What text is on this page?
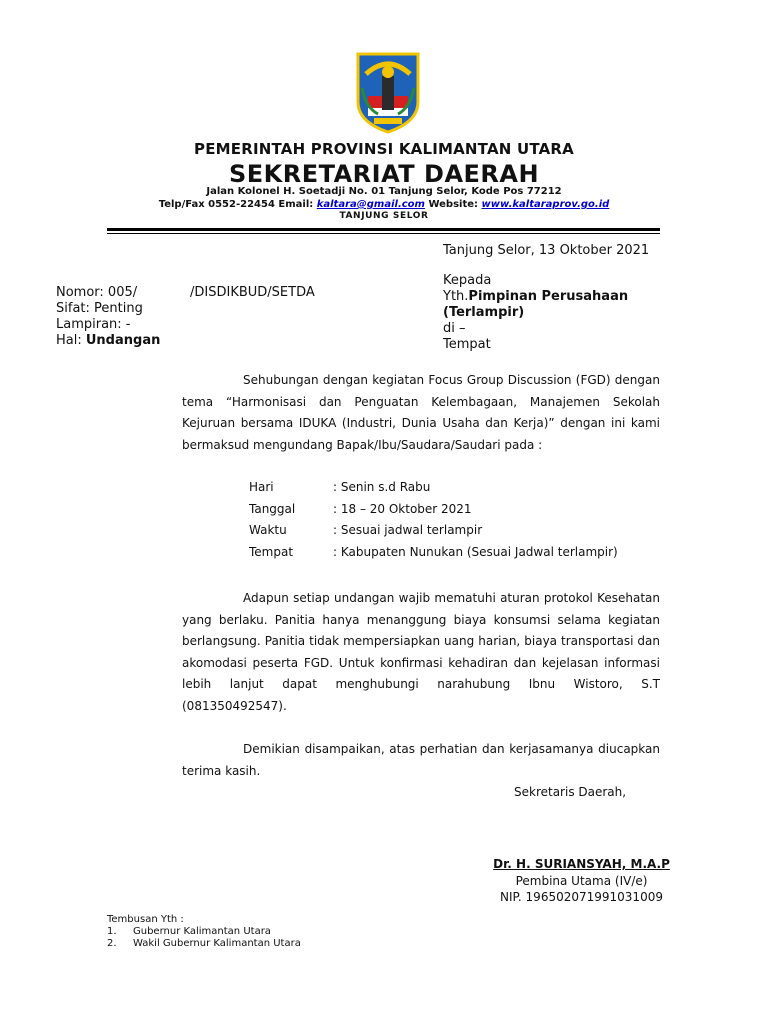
PEMERINTAH PROVINSI KALIMANTAN UTARA
SEKRETARIAT DAERAH
Jalan Kolonel H. Soetadji No. 01 Tanjung Selor, Kode Pos 77212
Telp/Fax 0552-22454 Email: kaltara@gmail.com Website: www.kaltaraprov.go.id
TANJUNG SELOR
Tanjung Selor, 13 Oktober 2021
Nomor: 005/	/DISDIKBUD/SETDA
Sifat: Penting
Lampiran: -
Hal: Undangan
Kepada
Yth.Pimpinan Perusahaan
(Terlampir)
di –
Tempat

Sehubungan dengan kegiatan Focus Group Discussion (FGD) dengan tema “Harmonisasi dan Penguatan Kelembagaan, Manajemen Sekolah Kejuruan bersama IDUKA (Industri, Dunia Usaha dan Kerja)” dengan ini kami bermaksud mengundang Bapak/Ibu/Saudara/Saudari pada :

Hari	: Senin s.d Rabu
Tanggal	: 18 – 20 Oktober 2021
Waktu	: Sesuai jadwal terlampir
Tempat	: Kabupaten Nunukan (Sesuai Jadwal terlampir)

Adapun setiap undangan wajib mematuhi aturan protokol Kesehatan yang berlaku. Panitia hanya menanggung biaya konsumsi selama kegiatan berlangsung. Panitia tidak mempersiapkan uang harian, biaya transportasi dan akomodasi peserta FGD. Untuk konfirmasi kehadiran dan kejelasan informasi lebih lanjut dapat menghubungi narahubung Ibnu Wistoro, S.T (081350492547).

Demikian disampaikan, atas perhatian dan kerjasamanya diucapkan terima kasih.

Sekretaris Daerah,
Dr. H. SURIANSYAH, M.A.P
Pembina Utama (IV/e)
NIP. 196502071991031009
Tembusan Yth :
1. Gubernur Kalimantan Utara
2. Wakil Gubernur Kalimantan Utara
